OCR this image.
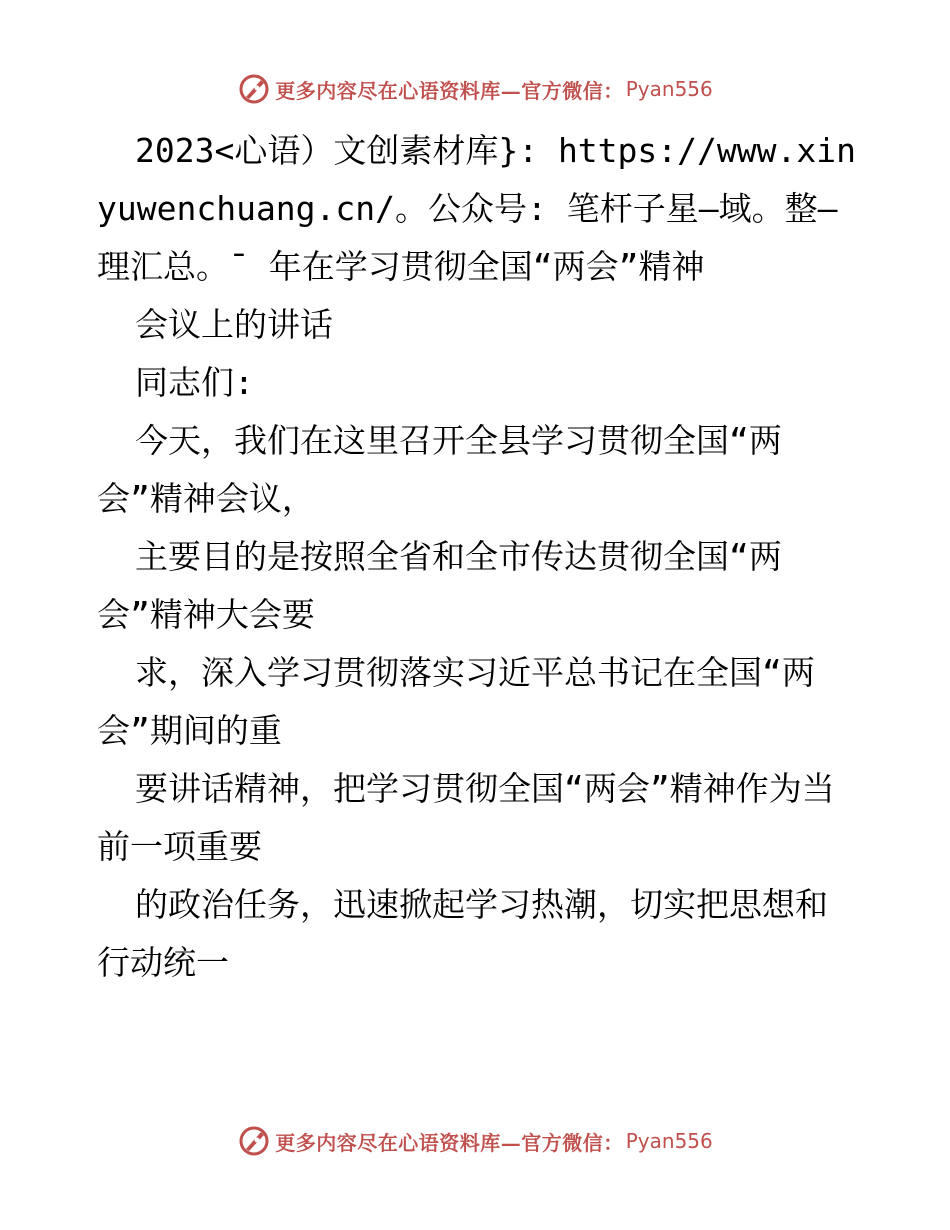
更多内容尽在心语资料库—官方微信： Pyan556

2023<心语）文创素材库}: https://www.xinyuwenchuang.cn/。公众号: 笔杆子星—域。整—理汇总。¯ 年在学习贯彻全国“两会”精神

会议上的讲话

同志们:

今天，我们在这里召开全县学习贯彻全国“两会”精神会议，

主要目的是按照全省和全市传达贯彻全国“两会”精神大会要

求，深入学习贯彻落实习近平总书记在全国“两会”期间的重

要讲话精神，把学习贯彻全国“两会”精神作为当前一项重要

的政治任务，迅速掀起学习热潮，切实把思想和行动统一

更多内容尽在心语资料库—官方微信： Pyan556
